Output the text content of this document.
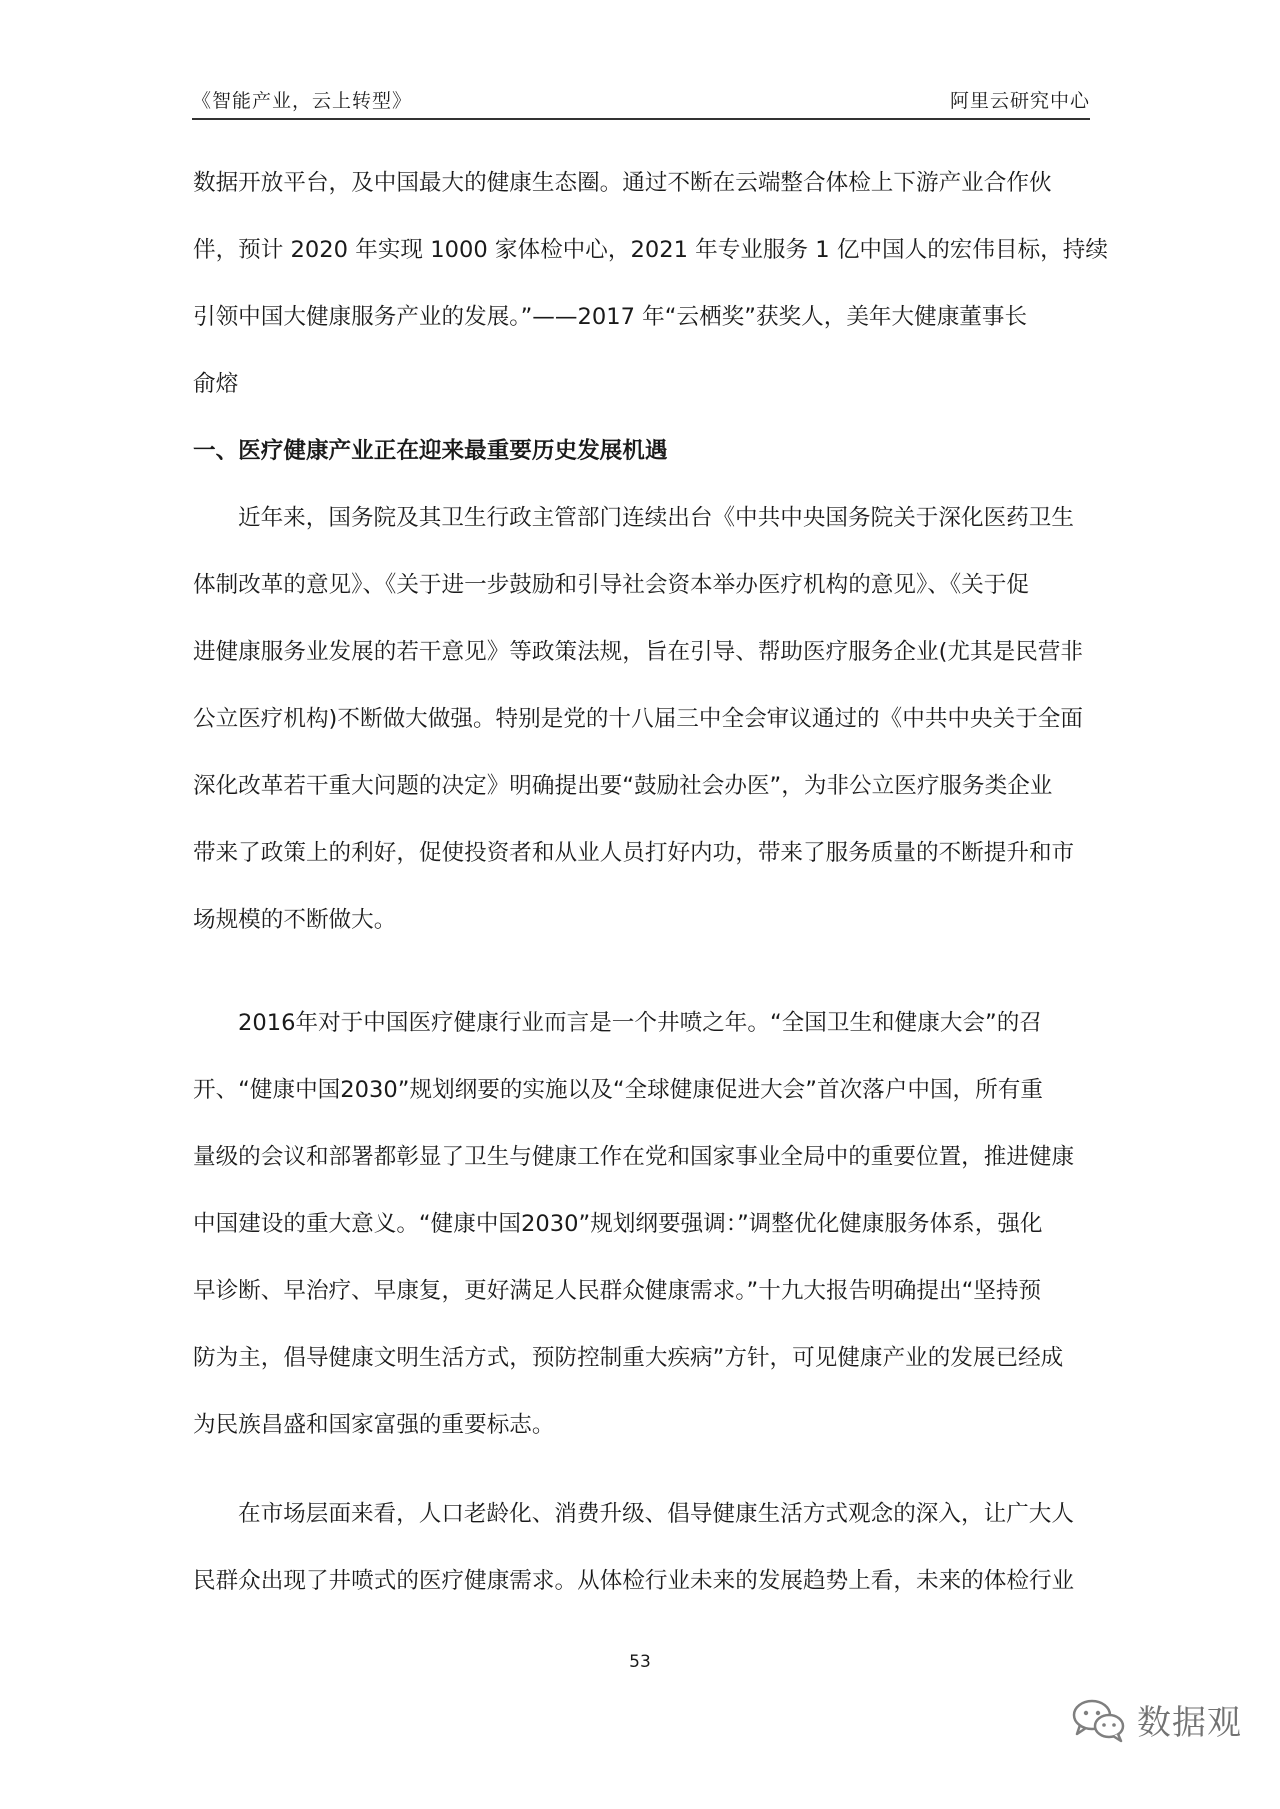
《智能产业，云上转型》	阿里云研究中心
数据开放平台，及中国最大的健康生态圈。通过不断在云端整合体检上下游产业合作伙
伴，预计 2020 年实现 1000 家体检中心，2021 年专业服务 1 亿中国人的宏伟目标，持续
引领中国大健康服务产业的发展。”——2017 年“云栖奖”获奖人，美年大健康董事长
俞熔
一、医疗健康产业正在迎来最重要历史发展机遇
近年来，国务院及其卫生行政主管部门连续出台《中共中央国务院关于深化医药卫生
体制改革的意见》、《关于进一步鼓励和引导社会资本举办医疗机构的意见》、《关于促
进健康服务业发展的若干意见》等政策法规，旨在引导、帮助医疗服务企业(尤其是民营非
公立医疗机构)不断做大做强。特别是党的十八届三中全会审议通过的《中共中央关于全面
深化改革若干重大问题的决定》明确提出要“鼓励社会办医”，为非公立医疗服务类企业
带来了政策上的利好，促使投资者和从业人员打好内功，带来了服务质量的不断提升和市
场规模的不断做大。
2016年对于中国医疗健康行业而言是一个井喷之年。“全国卫生和健康大会”的召
开、“健康中国2030”规划纲要的实施以及“全球健康促进大会”首次落户中国，所有重
量级的会议和部署都彰显了卫生与健康工作在党和国家事业全局中的重要位置，推进健康
中国建设的重大意义。“健康中国2030”规划纲要强调：”调整优化健康服务体系，强化
早诊断、早治疗、早康复，更好满足人民群众健康需求。”十九大报告明确提出“坚持预
防为主，倡导健康文明生活方式，预防控制重大疾病”方针，可见健康产业的发展已经成
为民族昌盛和国家富强的重要标志。
在市场层面来看，人口老龄化、消费升级、倡导健康生活方式观念的深入，让广大人
民群众出现了井喷式的医疗健康需求。从体检行业未来的发展趋势上看，未来的体检行业
53
数据观
